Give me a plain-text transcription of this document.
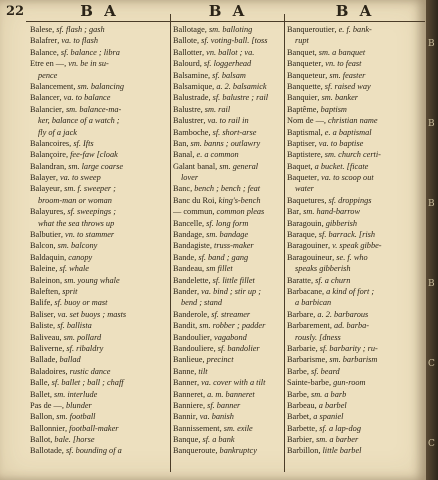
22	B A
Balese, sf. flash ; gash
Balafrer, va. to flash
Balance, sf. balance ; libra
Etre en —, vn. be in su-
pence
Balancement, sm. balancing
Balancer, va. to balance
Balancier, sm. balance-ma-
ker, balance of a watch ;
fly of a jack
Balancoires, sf. Ifts
Balançoire, fee-faw [cloak
Balandran, sm. large coarse
Balayer, va. to sweep
Balayeur, sm. f. sweeper ;
broom-man or woman
Balayures, sf. sweepings ;
what the sea throws up
Balbutier, vn. to stammer
Balcon, sm. balcony
Baldaquin, canopy
Baleine, sf. whale
Baleinon, sm. young whale
Baleften, sprit
Balife, sf. buoy or mast
Baliser, va. set buoys ; masts
Baliste, sf. ballista
Baliveau, sm. pollard
Baliverne, sf. ribaldry
Ballade, ballad
Baladoires, rustic dance
Balle, sf. ballet ; ball ; chaff
Ballet, sm. interlude
Pas de —, blunder
Ballon, sm. football
Ballonnier, football-maker
Ballot, bale. [horse
Ballotade, sf. bounding of a
B A
Ballotage, sm. balloting
Ballote, sf. voting-ball. [toss
Ballotter, vn. ballot ; va.
Balourd, sf. loggerhead
Balsamine, sf. balsam
Balsamique, a. 2. balsamick
Balustrade, sf. balustre ; rail
Balustre, sm. rail
Balustrer, va. to rail in
Bamboche, sf. short-arse
Ban, sm. banns ; outlawry
Banal, e. a common
Galant banal, sm. general
lover
Banc, bench ; bench ; feat
Banc du Roi, king's-bench
— commun, common pleas
Bancelle, sf. long form
Bandage, sm. bandage
Bandagiste, truss-maker
Bande, sf. band ; gang
Bandeau, sm fillet
Bandelette, sf. little fillet
Bander, va. bind ; stir up ;
bend ; stand
Banderole, sf. streamer
Bandit, sm. robber ; padder
Bandoulier, vagabond
Bandouliere, sf. bandolier
Banlieue, precinct
Banne, tilt
Banner, va. cover with a tilt
Banneret, a. m. banneret
Banniere, sf. banner
Bannir, va. banish
Bannissement, sm. exile
Banque, sf. a bank
Banqueroute, bankruptcy
B A
Banqueroutier, e. f. bank-
rupt
Banquet, sm. a banquet
Banqueter, vn. to feast
Banqueteur, sm. feaster
Banquette, sf. raised way
Banquier, sm. banker
Baptême, baptism
Nom de —, christian name
Baptismal, e. a baptismal
Baptiser, va. to baptise
Baptistere, sm. church certi-
Baquet, a bucket. [ficate
Baqueter, va. to scoop out
water
Baquetures, sf. droppings
Bar, sm. hand-barrow
Baragouin, gibberish
Baraque, sf. barrack. [rish
Baragouiner, v. speak gibbe-
Baragouineur, se. f. who
speaks gibberish
Baratte, sf. a churn
Barbacane, a kind of fort ;
a barbican
Barbare, a. 2. barbarous
Barbarement, ad. barba-
rously. [dness
Barbarie, sf. barbarity ; ru-
Barbarisme, sm. barbarism
Barbe, sf. beard
Sainte-barbe, gun-room
Barbe, sm. a barb
Barbeau, a barbel
Barbet, a spaniel
Barbette, sf. a lap-dog
Barbier, sm. a barber
Barbillon, little barbel
B
B
B
B
C
C
